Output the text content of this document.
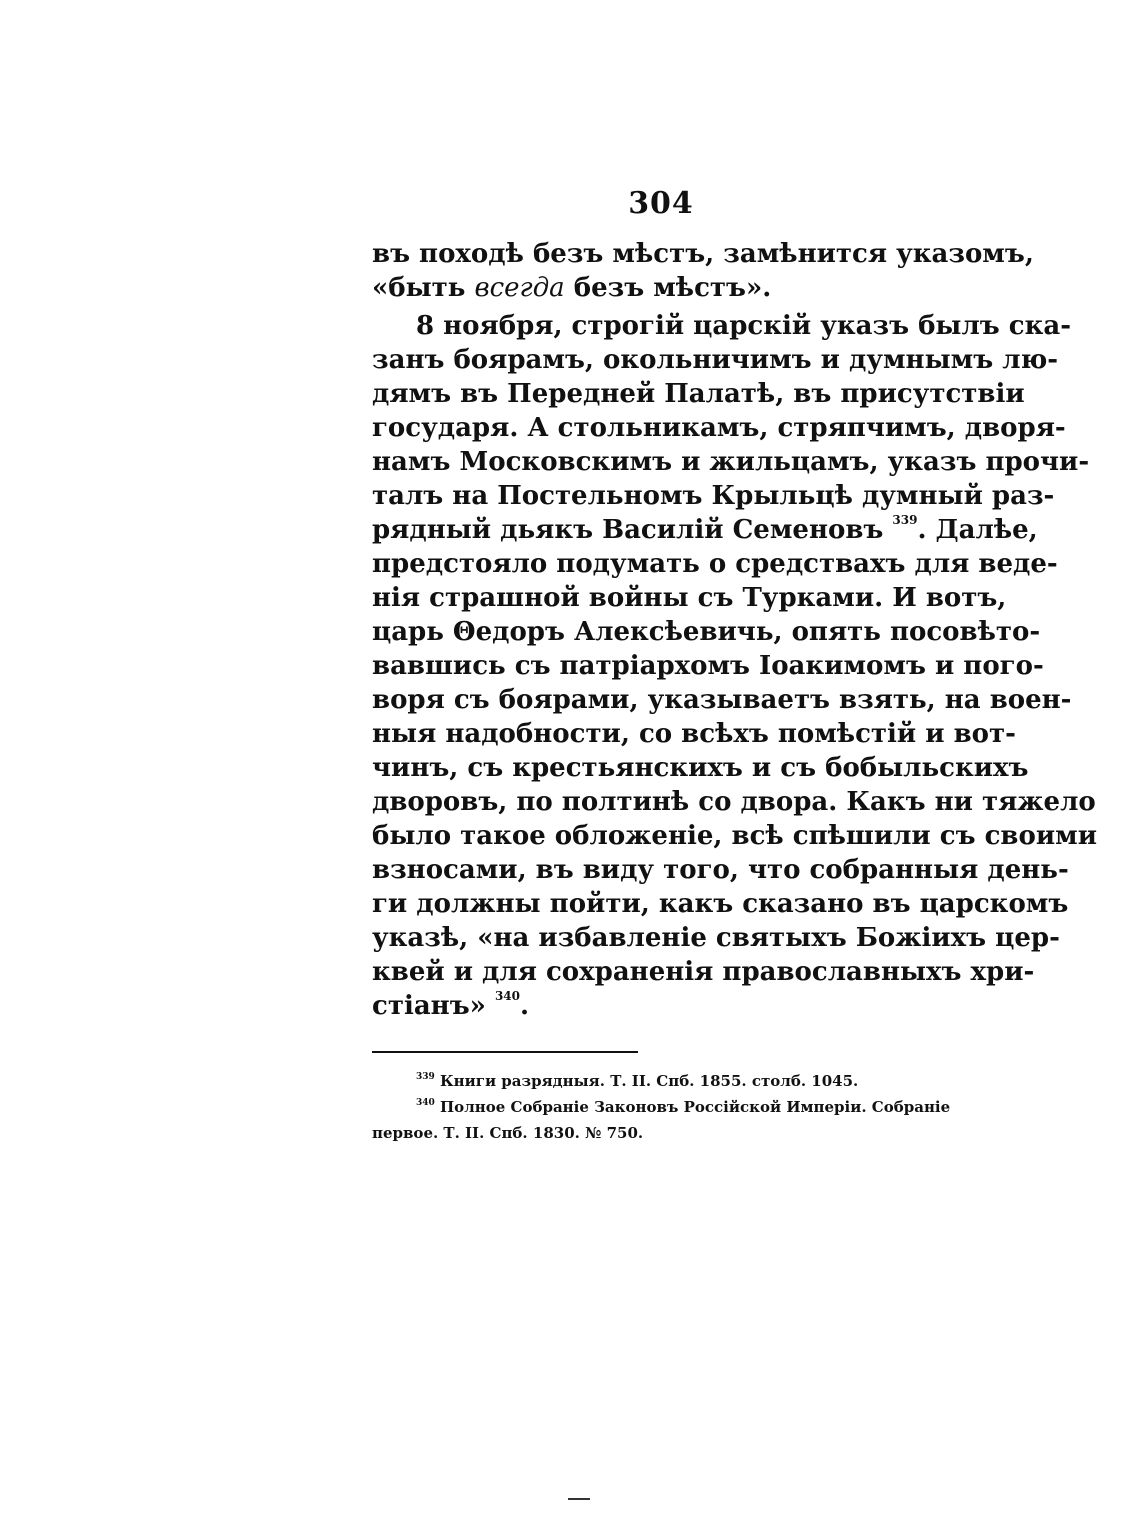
304
въ походѣ безъ мѣстъ, замѣнится указомъ,
«быть всегда безъ мѣстъ».
8 ноября, строгій царскій указъ былъ ска-
занъ боярамъ, окольничимъ и думнымъ лю-
дямъ въ Передней Палатѣ, въ присутствіи
государя. А стольникамъ, стряпчимъ, дворя-
намъ Московскимъ и жильцамъ, указъ прочи-
талъ на Постельномъ Крыльцѣ думный раз-
рядный дьякъ Василій Семеновъ $^{339}$. Далѣе,
предстояло подумать о средствахъ для веде-
нія страшной войны съ Турками. И вотъ,
царь Θедоръ Алексѣевичь, опять посовѣто-
вавшись съ патріархомъ Іоакимомъ и пого-
воря съ боярами, указываетъ взять, на воен-
ныя надобности, со всѣхъ помѣстій и вот-
чинъ, съ крестьянскихъ и съ бобыльскихъ
дворовъ, по полтинѣ со двора. Какъ ни тяжело
было такое обложеніе, всѣ спѣшили съ своими
взносами, въ виду того, что собранныя день-
ги должны пойти, какъ сказано въ царскомъ
указѣ, «на избавленіе святыхъ Божіихъ цер-
квей и для сохраненія православныхъ хри-
стіанъ» $^{340}$.
$^{339}$ Книги разрядныя. Т. II. Спб. 1855. столб. 1045.
$^{340}$ Полное Собраніе Законовъ Россійской Имперіи. Собраніе
первое. Т. II. Спб. 1830. № 750.
